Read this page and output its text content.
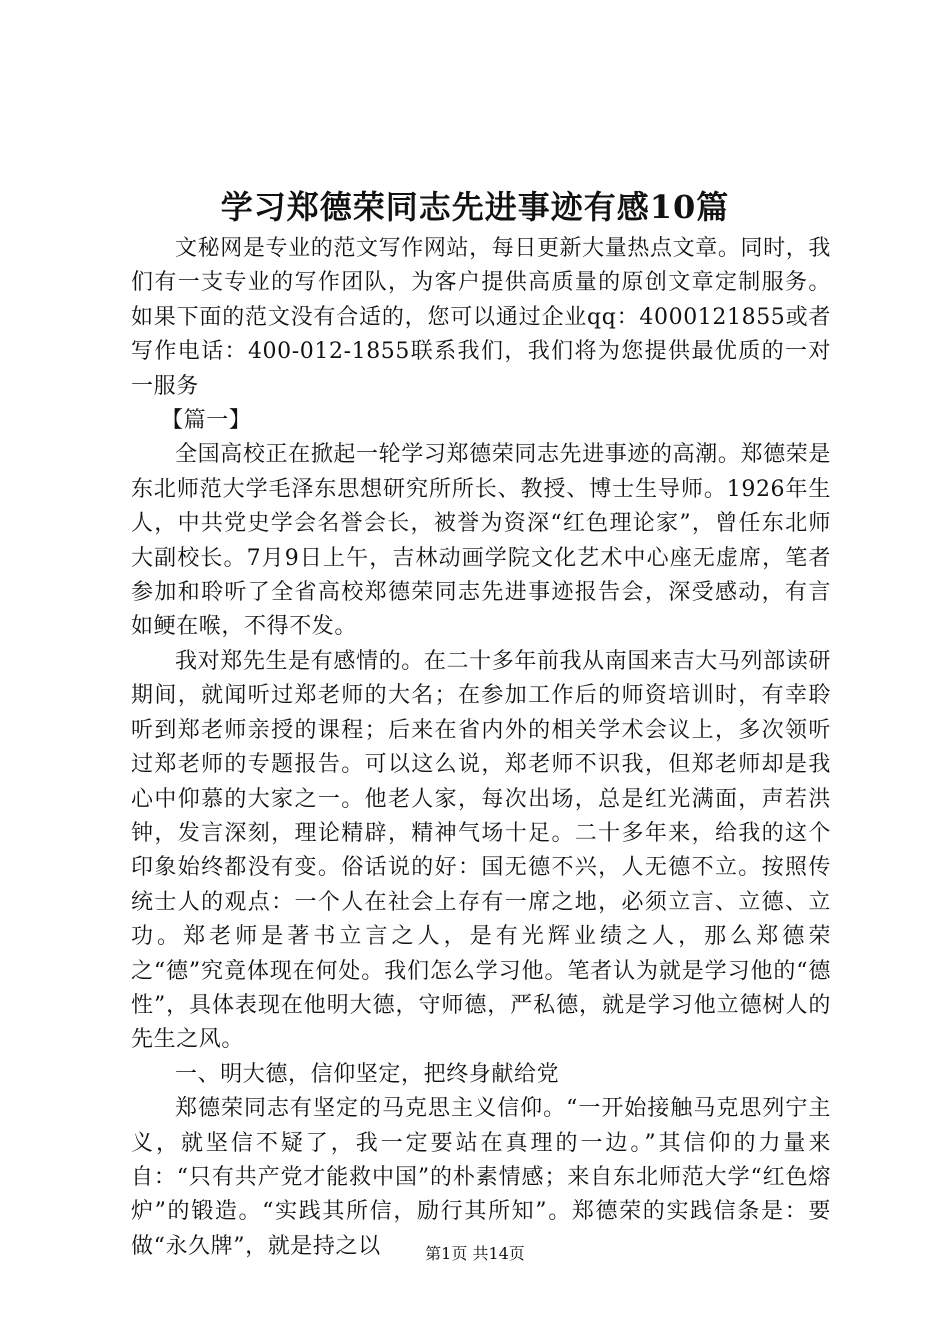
学习郑德荣同志先进事迹有感10篇

文秘网是专业的范文写作网站，每日更新大量热点文章。同时，我们有一支专业的写作团队，为客户提供高质量的原创文章定制服务。如果下面的范文没有合适的，您可以通过企业qq：4000121855或者写作电话：400-012-1855联系我们，我们将为您提供最优质的一对一服务

【篇一】

全国高校正在掀起一轮学习郑德荣同志先进事迹的高潮。郑德荣是东北师范大学毛泽东思想研究所所长、教授、博士生导师。1926年生人，中共党史学会名誉会长，被誉为资深“红色理论家”，曾任东北师大副校长。7月9日上午，吉林动画学院文化艺术中心座无虚席，笔者参加和聆听了全省高校郑德荣同志先进事迹报告会，深受感动，有言如鲠在喉，不得不发。

我对郑先生是有感情的。在二十多年前我从南国来吉大马列部读研期间，就闻听过郑老师的大名；在参加工作后的师资培训时，有幸聆听到郑老师亲授的课程；后来在省内外的相关学术会议上，多次领听过郑老师的专题报告。可以这么说，郑老师不识我，但郑老师却是我心中仰慕的大家之一。他老人家，每次出场，总是红光满面，声若洪钟，发言深刻，理论精辟，精神气场十足。二十多年来，给我的这个印象始终都没有变。俗话说的好：国无德不兴，人无德不立。按照传统士人的观点：一个人在社会上存有一席之地，必须立言、立德、立功。郑老师是著书立言之人，是有光辉业绩之人，那么郑德荣之“德”究竟体现在何处。我们怎么学习他。笔者认为就是学习他的“德性”，具体表现在他明大德，守师德，严私德，就是学习他立德树人的先生之风。

一、明大德，信仰坚定，把终身献给党

郑德荣同志有坚定的马克思主义信仰。“一开始接触马克思列宁主义，就坚信不疑了，我一定要站在真理的一边。”其信仰的力量来自：“只有共产党才能救中国”的朴素情感；来自东北师范大学“红色熔炉”的锻造。“实践其所信，励行其所知”。郑德荣的实践信条是：要做“永久牌”，就是持之以	第1页 共14页
